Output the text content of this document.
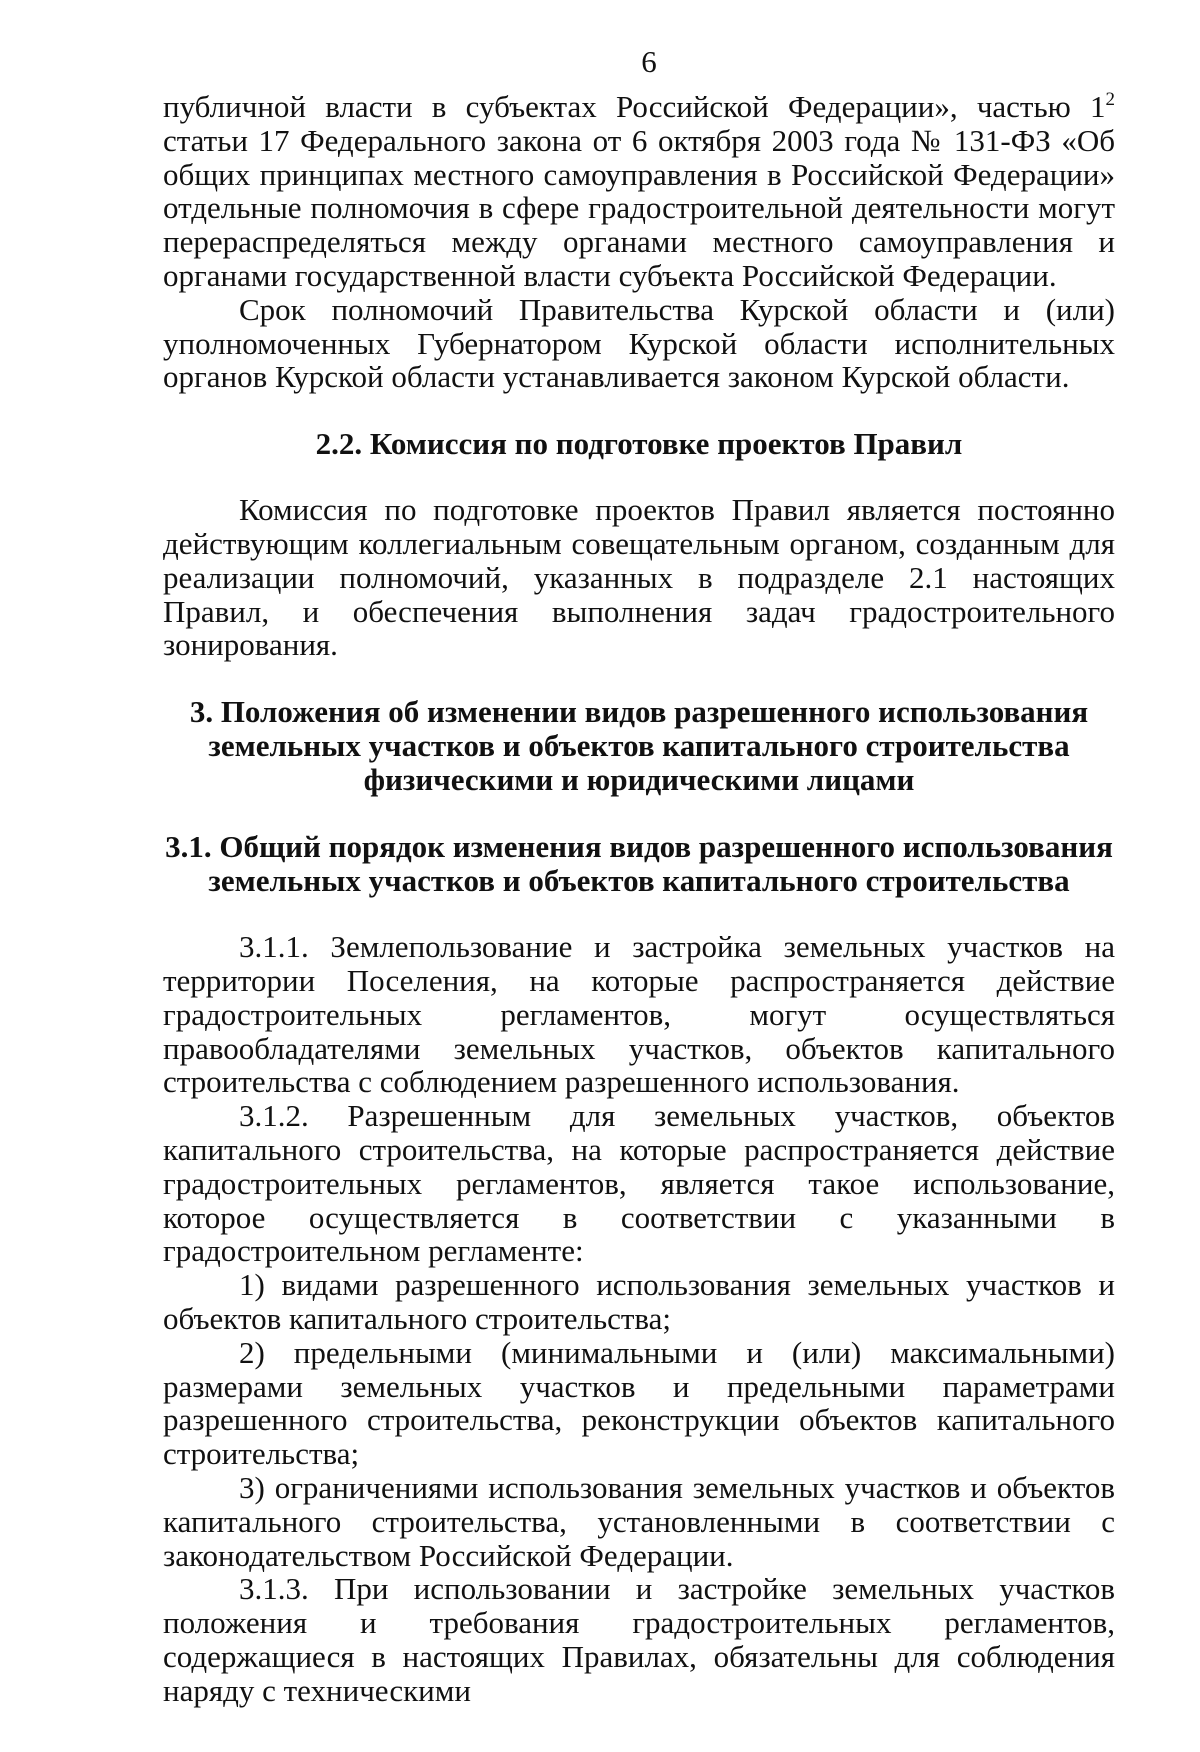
6

публичной власти в субъектах Российской Федерации», частью $1^2$ статьи 17 Федерального закона от 6 октября 2003 года № 131-ФЗ «Об общих принципах местного самоуправления в Российской Федерации» отдельные полномочия в сфере градостроительной деятельности могут перераспределяться между органами местного самоуправления и органами государственной власти субъекта Российской Федерации.

Срок полномочий Правительства Курской области и (или) уполномоченных Губернатором Курской области исполнительных органов Курской области устанавливается законом Курской области.

2.2. Комиссия по подготовке проектов Правил

Комиссия по подготовке проектов Правил является постоянно действующим коллегиальным совещательным органом, созданным для реализации полномочий, указанных в подразделе 2.1 настоящих Правил, и обеспечения выполнения задач градостроительного зонирования.

3. Положения об изменении видов разрешенного использования
земельных участков и объектов капитального строительства
физическими и юридическими лицами
3.1. Общий порядок изменения видов разрешенного использования
земельных участков и объектов капитального строительства

3.1.1. Землепользование и застройка земельных участков на территории Поселения, на которые распространяется действие градостроительных регламентов, могут осуществляться правообладателями земельных участков, объектов капитального строительства с соблюдением разрешенного использования.

3.1.2. Разрешенным для земельных участков, объектов капитального строительства, на которые распространяется действие градостроительных регламентов, является такое использование, которое осуществляется в соответствии с указанными в градостроительном регламенте:

1) видами разрешенного использования земельных участков и объектов капитального строительства;

2) предельными (минимальными и (или) максимальными) размерами земельных участков и предельными параметрами разрешенного строительства, реконструкции объектов капитального строительства;

3) ограничениями использования земельных участков и объектов капитального строительства, установленными в соответствии с законодательством Российской Федерации.

3.1.3. При использовании и застройке земельных участков положения и требования градостроительных регламентов, содержащиеся в настоящих Правилах, обязательны для соблюдения наряду с техническими
